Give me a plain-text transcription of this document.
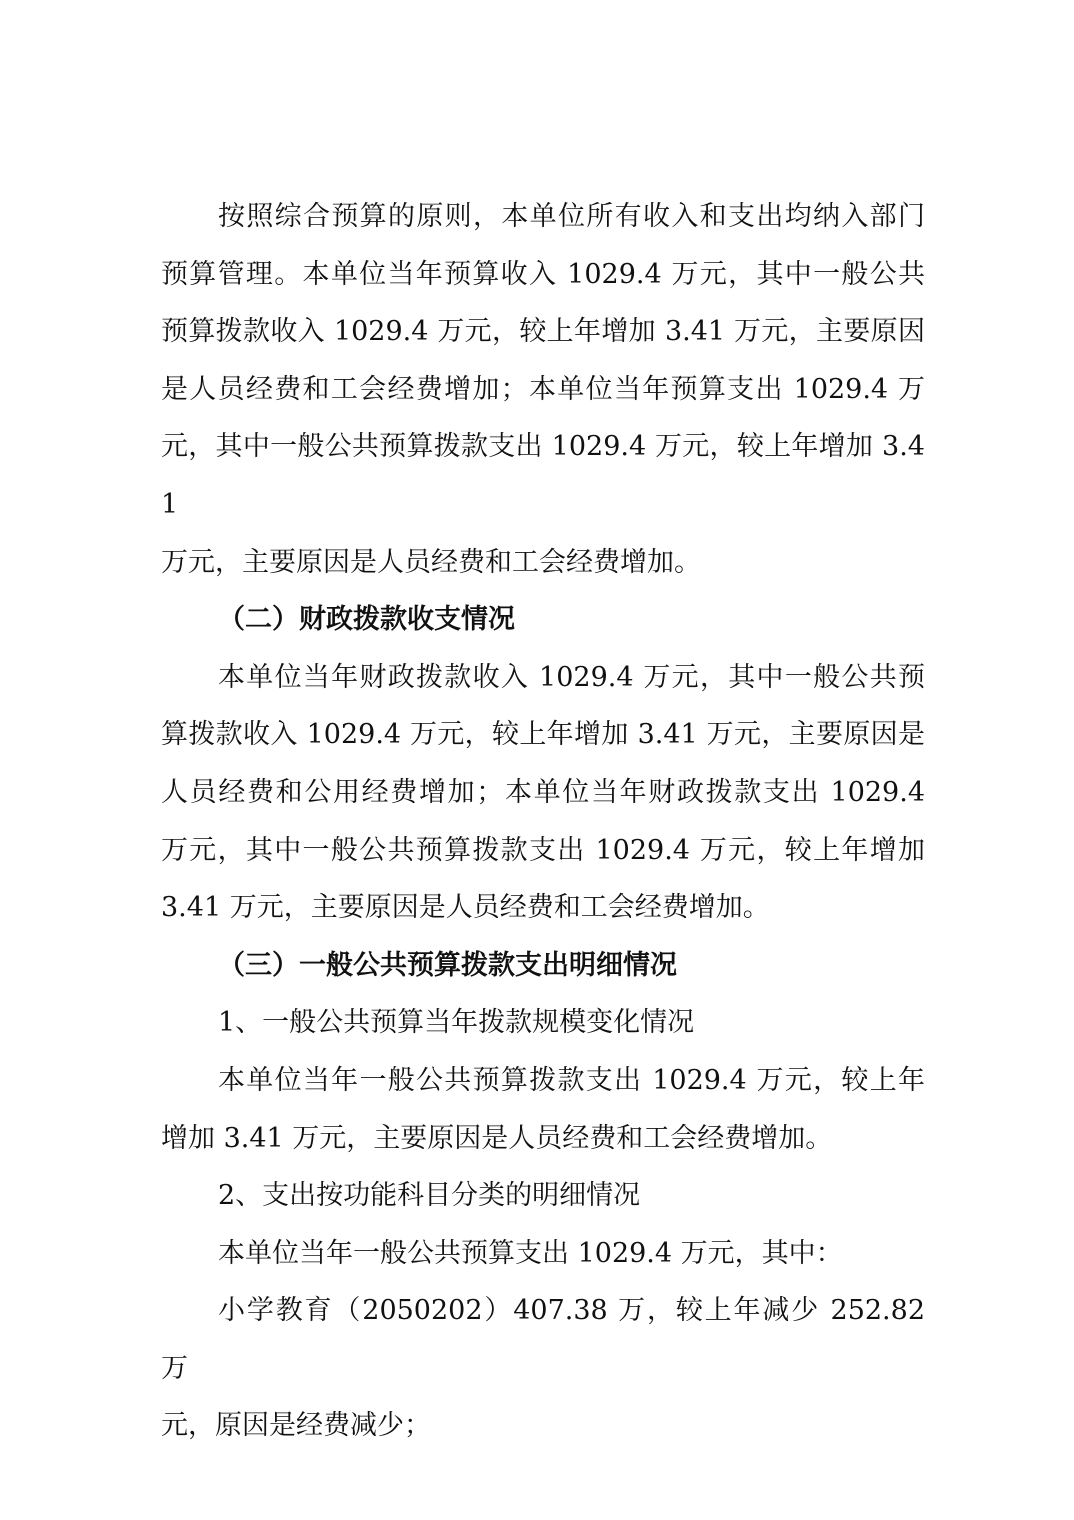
按照综合预算的原则，本单位所有收入和支出均纳入部门

预算管理。本单位当年预算收入 1029.4 万元，其中一般公共

预算拨款收入 1029.4 万元，较上年增加 3.41 万元，主要原因

是人员经费和工会经费增加；本单位当年预算支出 1029.4 万

元，其中一般公共预算拨款支出 1029.4 万元，较上年增加 3.41

万元，主要原因是人员经费和工会经费增加。

（二）财政拨款收支情况

本单位当年财政拨款收入 1029.4 万元，其中一般公共预

算拨款收入 1029.4 万元，较上年增加 3.41 万元，主要原因是

人员经费和公用经费增加；本单位当年财政拨款支出 1029.4

万元，其中一般公共预算拨款支出 1029.4 万元，较上年增加

3.41 万元，主要原因是人员经费和工会经费增加。

（三）一般公共预算拨款支出明细情况

1、一般公共预算当年拨款规模变化情况

本单位当年一般公共预算拨款支出 1029.4 万元，较上年

增加 3.41 万元，主要原因是人员经费和工会经费增加。

2、支出按功能科目分类的明细情况

本单位当年一般公共预算支出 1029.4 万元，其中：

小学教育（2050202）407.38 万，较上年减少 252.82 万

元，原因是经费减少；
